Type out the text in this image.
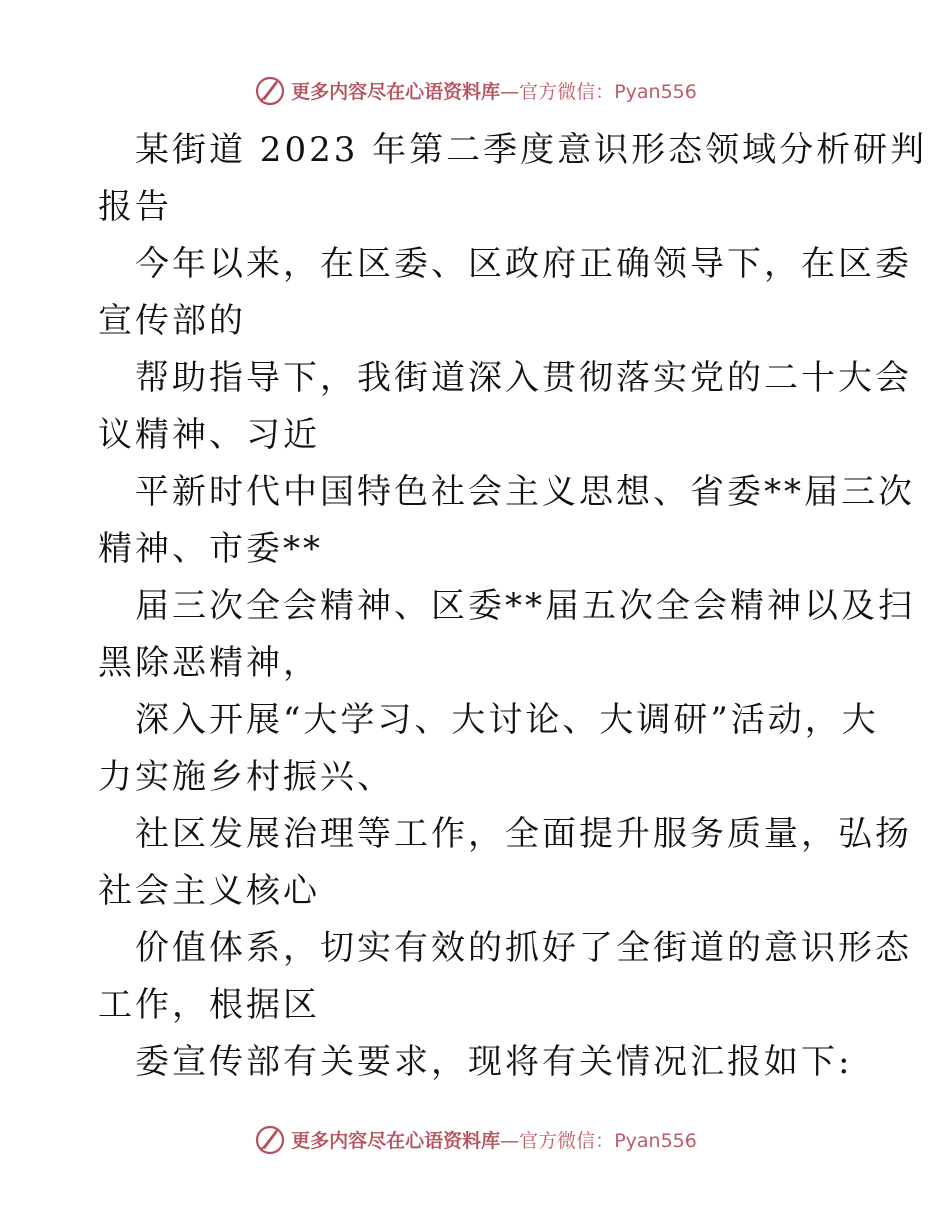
更多内容尽在心语资料库—官方微信：Pyan556

某街道 2023 年第二季度意识形态领域分析研判
报告

今年以来，在区委、区政府正确领导下，在区委
宣传部的

帮助指导下，我街道深入贯彻落实党的二十大会
议精神、习近

平新时代中国特色社会主义思想、省委**届三次
精神、市委**

届三次全会精神、区委**届五次全会精神以及扫
黑除恶精神，

深入开展“大学习、大讨论、大调研”活动，大
力实施乡村振兴、

社区发展治理等工作，全面提升服务质量，弘扬
社会主义核心

价值体系，切实有效的抓好了全街道的意识形态
工作，根据区

委宣传部有关要求，现将有关情况汇报如下:

更多内容尽在心语资料库—官方微信：Pyan556
